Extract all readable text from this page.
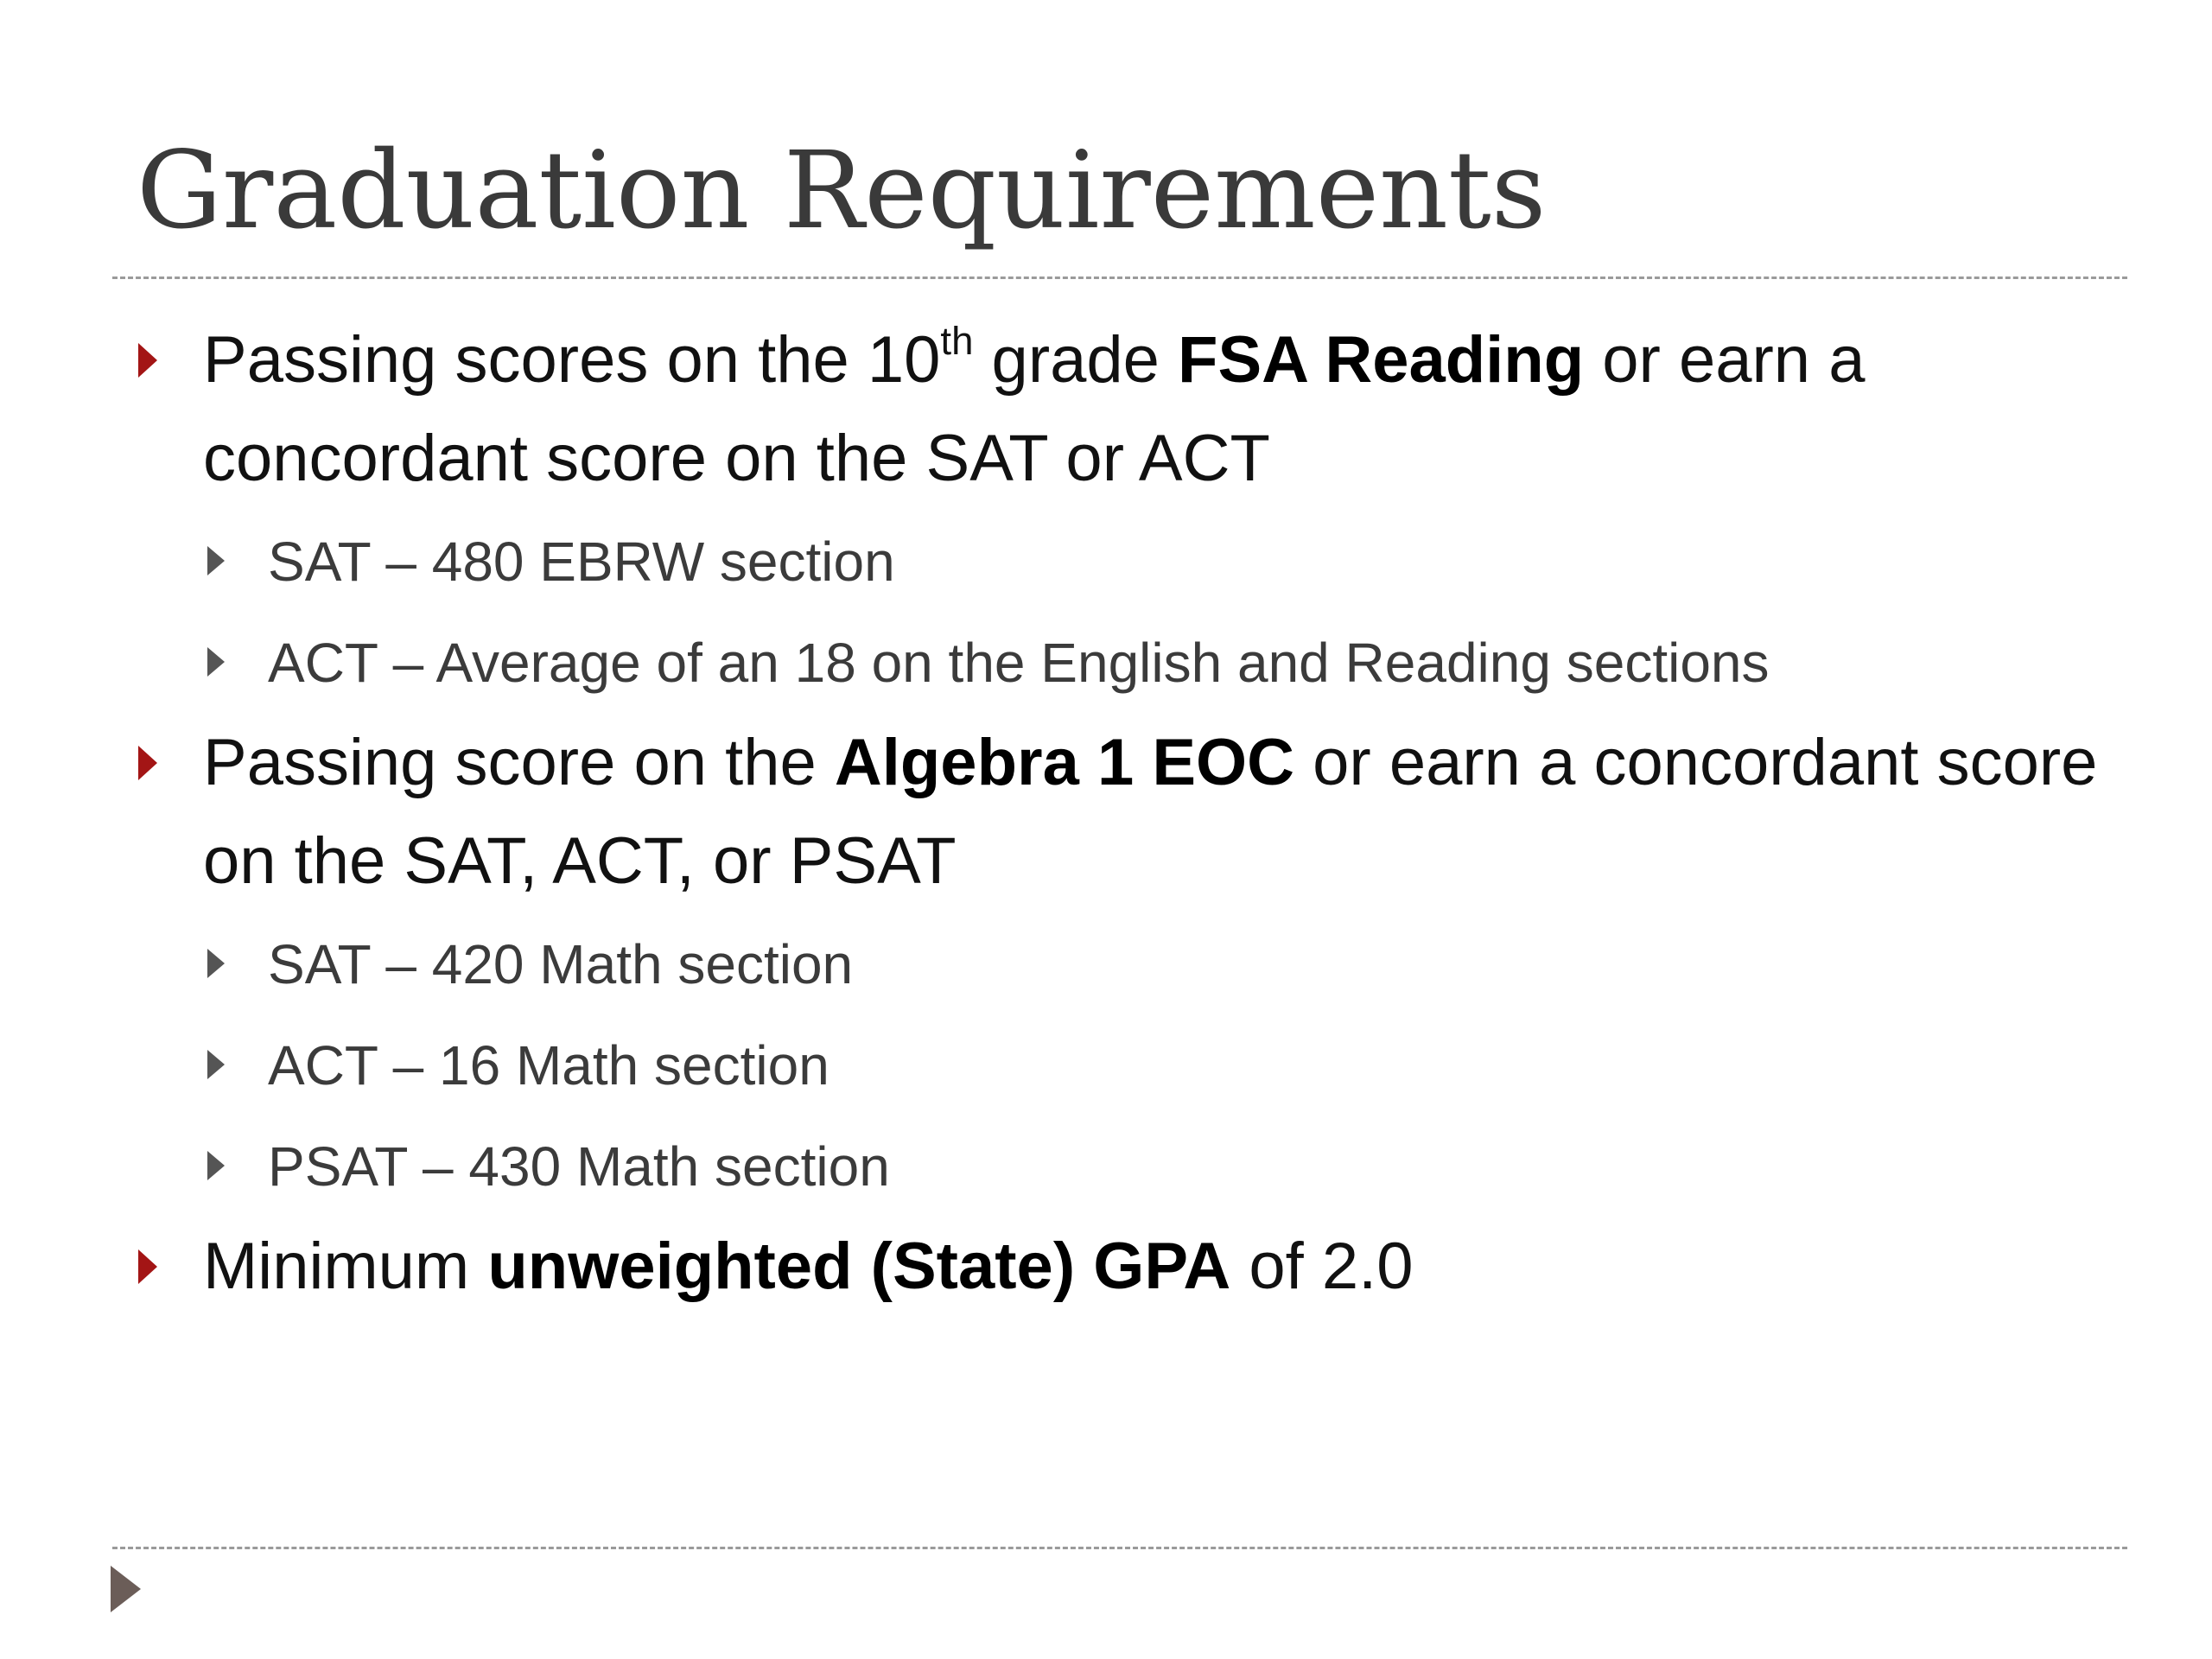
Graduation Requirements
Passing scores on the 10th grade FSA Reading or earn a concordant score on the SAT or ACT
SAT – 480 EBRW section
ACT – Average of an 18 on the English and Reading sections
Passing score on the Algebra 1 EOC or earn a concordant score on the SAT, ACT, or PSAT
SAT – 420 Math section
ACT – 16 Math section
PSAT – 430 Math section
Minimum unweighted (State) GPA of 2.0
